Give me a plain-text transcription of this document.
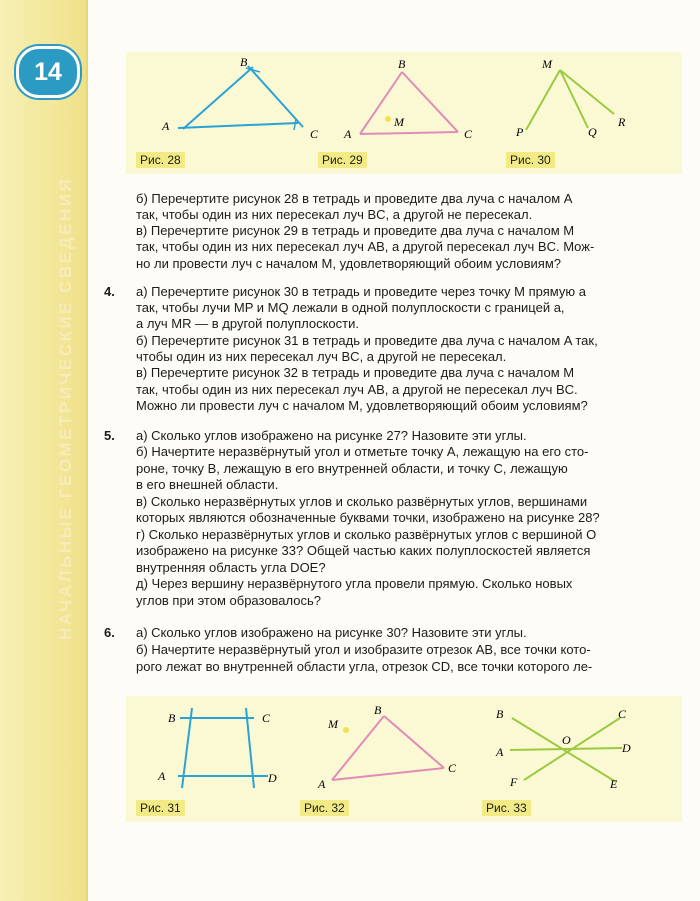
14
НАЧАЛЬНЫЕ ГЕОМЕТРИЧЕСКИЕ СВЕДЕНИЯ
A
B
C
Рис. 28
A
B
C
M
Рис. 29
M
P	Q
R
Рис. 30
б) Перечертите рисунок 28 в тетрадь и проведите два луча с началом A
так, чтобы один из них пересекал луч BC, а другой не пересекал.
в) Перечертите рисунок 29 в тетрадь и проведите два луча с началом M
так, чтобы один из них пересекал луч AB, а другой пересекал луч BC. Мож-
но ли провести луч с началом M, удовлетворяющий обоим условиям?
4. а) Перечертите рисунок 30 в тетрадь и проведите через точку M прямую a
так, чтобы лучи MP и MQ лежали в одной полуплоскости с границей a,
а луч MR — в другой полуплоскости.
б) Перечертите рисунок 31 в тетрадь и проведите два луча с началом A так,
чтобы один из них пересекал луч BC, а другой не пересекал.
в) Перечертите рисунок 32 в тетрадь и проведите два луча с началом M
так, чтобы один из них пересекал луч AB, а другой не пересекал луч BC.
Можно ли провести луч с началом M, удовлетворяющий обоим условиям?
5. а) Сколько углов изображено на рисунке 27? Назовите эти углы.
б) Начертите неразвёрнутый угол и отметьте точку A, лежащую на его сто-
роне, точку B, лежащую в его внутренней области, и точку C, лежащую
в его внешней области.
в) Сколько неразвёрнутых углов и сколько развёрнутых углов, вершинами
которых являются обозначенные буквами точки, изображено на рисунке 28?
г) Сколько неразвёрнутых углов и сколько развёрнутых углов с вершиной O
изображено на рисунке 33? Общей частью каких полуплоскостей является
внутренняя область угла DOE?
д) Через вершину неразвёрнутого угла провели прямую. Сколько новых
углов при этом образовалось?
6. а) Сколько углов изображено на рисунке 30? Назовите эти углы.
б) Начертите неразвёрнутый угол и изобразите отрезок AB, все точки кото-
рого лежат во внутренней области угла, отрезок CD, все точки которого ле-
A
B	C
D
Рис. 31
A
B
C
M
Рис. 32
A
B	C
D
E
F
O
Рис. 33
